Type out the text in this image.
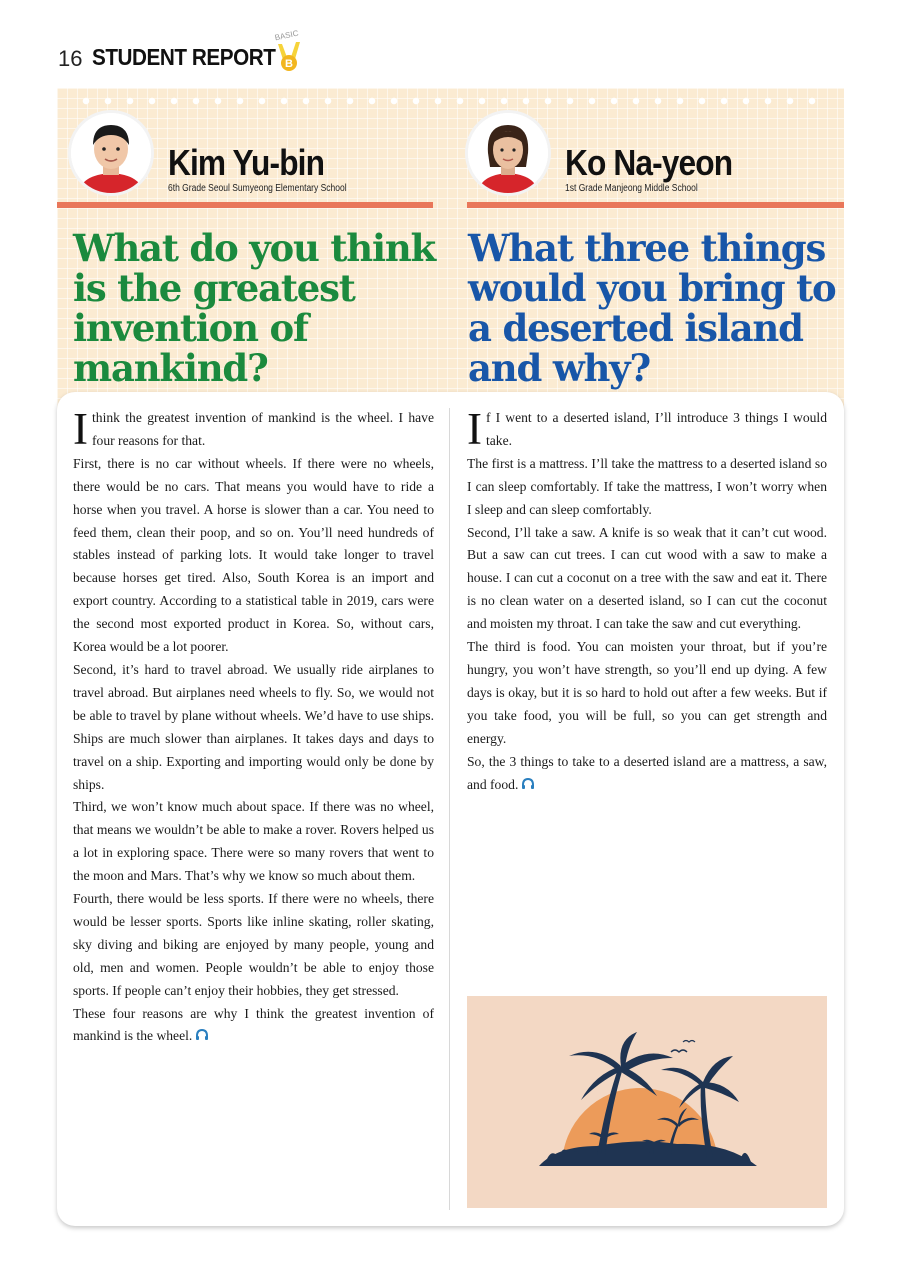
16 STUDENT REPORT
BASIC
B
Kim Yu-bin
6th Grade Seoul Sumyeong Elementary School
Ko Na-yeon
1st Grade Manjeong Middle School
What do you think is the greatest invention of mankind?
What three things would you bring to a deserted island and why?

Ithink the greatest invention of mankind is the wheel. I have four reasons for that.

First, there is no car without wheels. If there were no wheels, there would be no cars. That means you would have to ride a horse when you travel. A horse is slower than a car. You need to feed them, clean their poop, and so on. You’ll need hundreds of stables instead of parking lots. It would take longer to travel because horses get tired. Also, South Korea is an import and export country. According to a statistical table in 2019, cars were the second most exported product in Korea. So, without cars, Korea would be a lot poorer.

Second, it’s hard to travel abroad. We usually ride airplanes to travel abroad. But airplanes need wheels to fly. So, we would not be able to travel by plane without wheels. We’d have to use ships. Ships are much slower than airplanes. It takes days and days to travel on a ship. Exporting and importing would only be done by ships.

Third, we won’t know much about space. If there was no wheel, that means we wouldn’t be able to make a rover. Rovers helped us a lot in exploring space. There were so many rovers that went to the moon and Mars. That’s why we know so much about them.

Fourth, there would be less sports. If there were no wheels, there would be lesser sports. Sports like inline skating, roller skating, sky diving and biking are enjoyed by many people, young and old, men and women. People wouldn’t be able to enjoy those sports. If people can’t enjoy their hobbies, they get stressed.

These four reasons are why I think the greatest invention of mankind is the wheel.

If I went to a deserted island, I’ll introduce 3 things I would take.

The first is a mattress. I’ll take the mattress to a deserted island so I can sleep comfortably. If take the mattress, I won’t worry when I sleep and can sleep comfortably.

Second, I’ll take a saw. A knife is so weak that it can’t cut wood. But a saw can cut trees. I can cut wood with a saw to make a house. I can cut a coconut on a tree with the saw and eat it. There is no clean water on a deserted island, so I can cut the coconut and moisten my throat. I can take the saw and cut everything.

The third is food. You can moisten your throat, but if you’re hungry, you won’t have strength, so you’ll end up dying. A few days is okay, but it is so hard to hold out after a few weeks. But if you take food, you will be full, so you can get strength and energy.

So, the 3 things to take to a deserted island are a mattress, a saw, and food.
